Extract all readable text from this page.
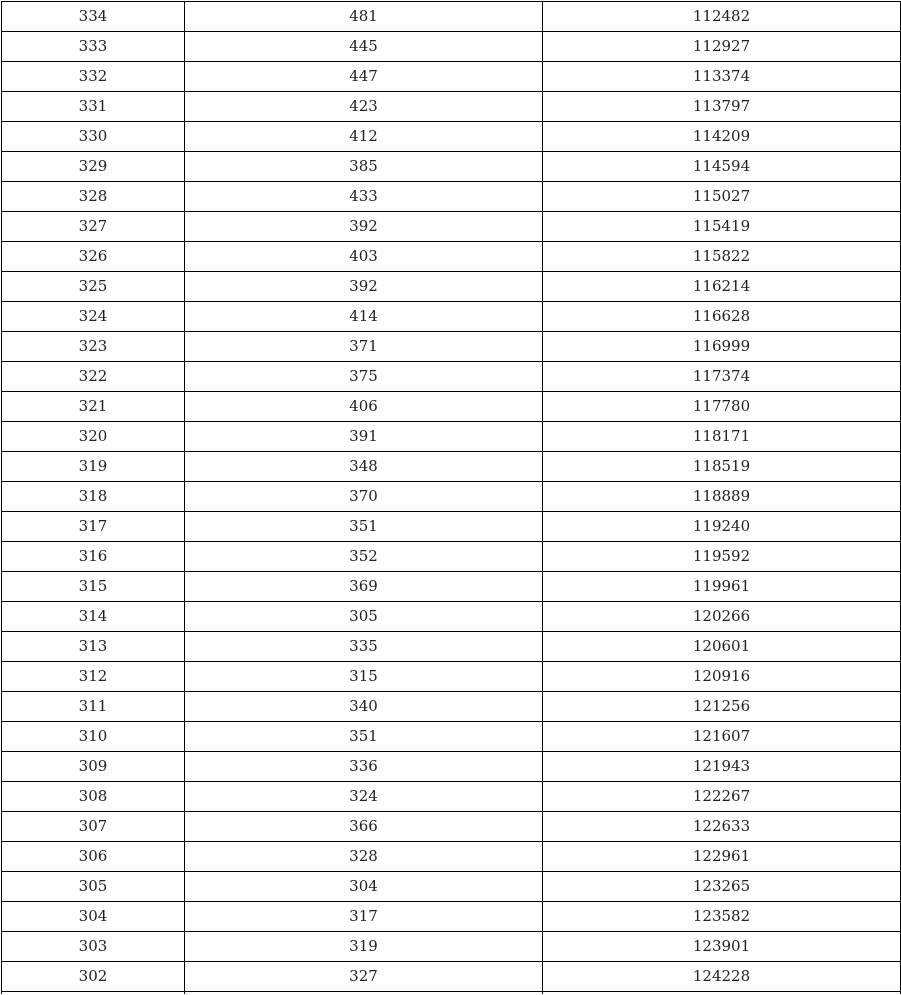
334	481	112482
333	445	112927
332	447	113374
331	423	113797
330	412	114209
329	385	114594
328	433	115027
327	392	115419
326	403	115822
325	392	116214
324	414	116628
323	371	116999
322	375	117374
321	406	117780
320	391	118171
319	348	118519
318	370	118889
317	351	119240
316	352	119592
315	369	119961
314	305	120266
313	335	120601
312	315	120916
311	340	121256
310	351	121607
309	336	121943
308	324	122267
307	366	122633
306	328	122961
305	304	123265
304	317	123582
303	319	123901
302	327	124228
